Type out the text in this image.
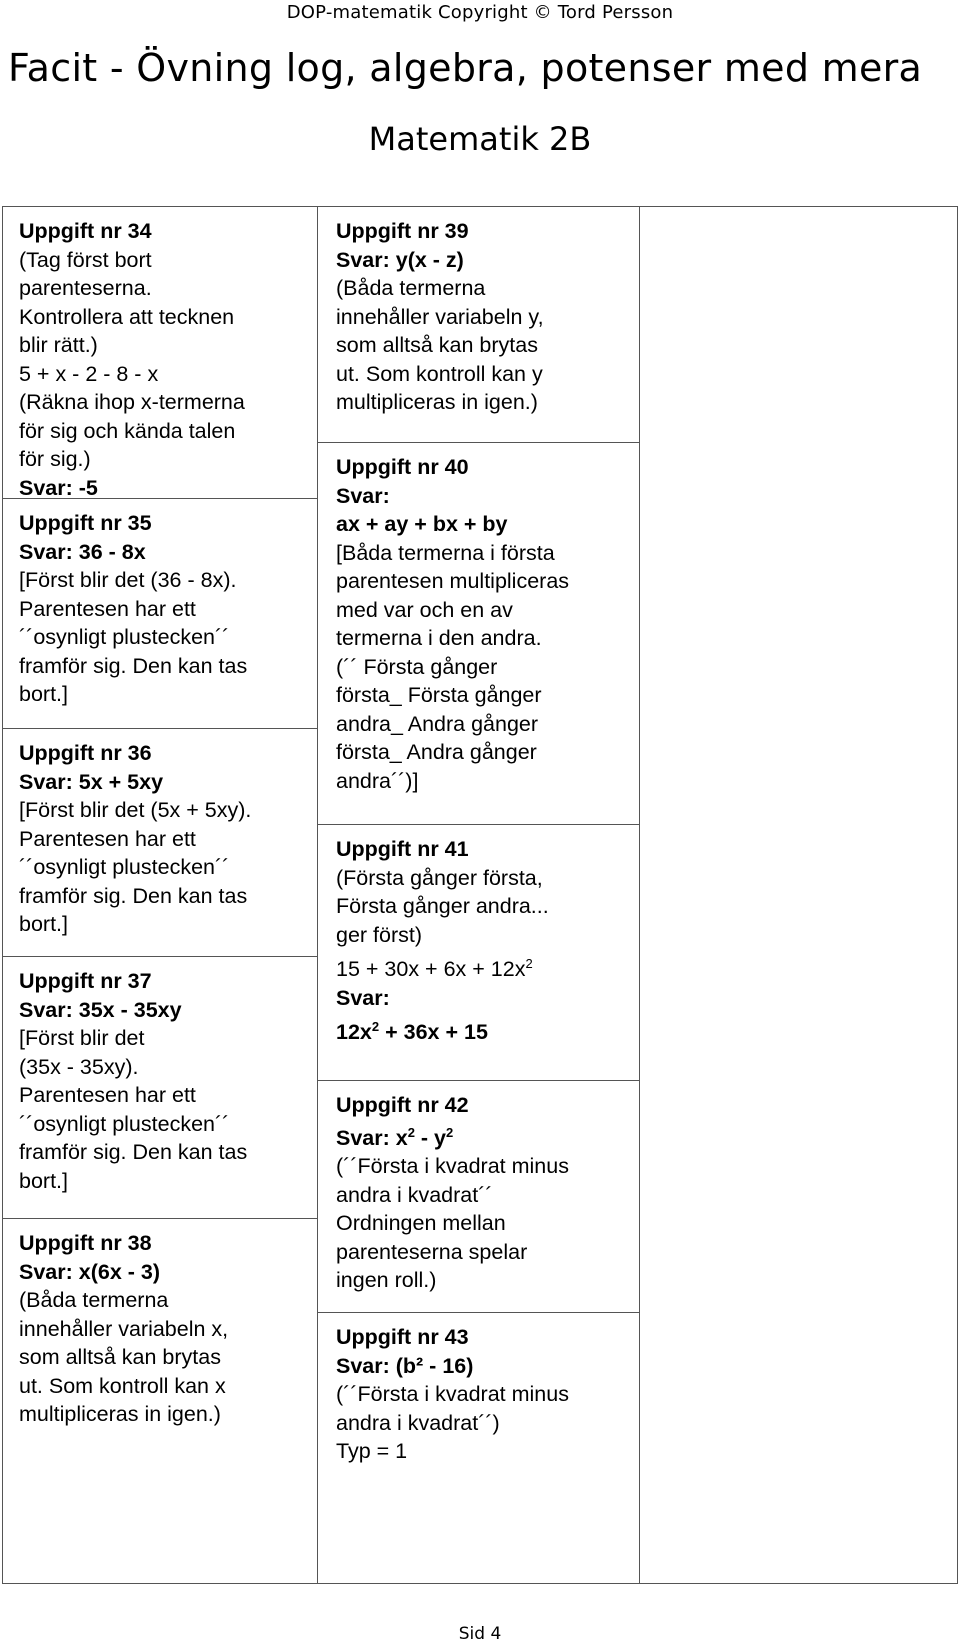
DOP-matematik Copyright © Tord Persson
Facit - Övning log, algebra, potenser med mera
Matematik 2B
Uppgift nr 34
(Tag först bort
parenteserna.
Kontrollera att tecknen
blir rätt.)
5 + x - 2 - 8 - x
(Räkna ihop x-termerna
för sig och kända talen
för sig.)
Svar: -5
Uppgift nr 35
Svar: 36 - 8x
[Först blir det (36 - 8x).
Parentesen har ett
´´osynligt plustecken´´
framför sig. Den kan tas
bort.]
Uppgift nr 36
Svar: 5x + 5xy
[Först blir det (5x + 5xy).
Parentesen har ett
´´osynligt plustecken´´
framför sig. Den kan tas
bort.]
Uppgift nr 37
Svar: 35x - 35xy
[Först blir det
(35x - 35xy).
Parentesen har ett
´´osynligt plustecken´´
framför sig. Den kan tas
bort.]
Uppgift nr 38
Svar: x(6x - 3)
(Båda termerna
innehåller variabeln x,
som alltså kan brytas
ut. Som kontroll kan x
multipliceras in igen.)
Uppgift nr 39
Svar: y(x - z)
(Båda termerna
innehåller variabeln y,
som alltså kan brytas
ut. Som kontroll kan y
multipliceras in igen.)
Uppgift nr 40
Svar:
ax + ay + bx + by
[Båda termerna i första
parentesen multipliceras
med var och en av
termerna i den andra.
(´´ Första gånger
första_ Första gånger
andra_ Andra gånger
första_ Andra gånger
andra´´)]
Uppgift nr 41
(Första gånger första,
Första gånger andra...
ger först)
$15 + 30x + 6x + 12x^2$
Svar:
$12x^2 + 36x + 15$
Uppgift nr 42
Svar: $x^2 - y^2$
(´´Första i kvadrat minus
andra i kvadrat´´
Ordningen mellan
parenteserna spelar
ingen roll.)
Uppgift nr 43
Svar: (b² - 16)
(´´Första i kvadrat minus
andra i kvadrat´´)
Typ = 1
Sid 4
